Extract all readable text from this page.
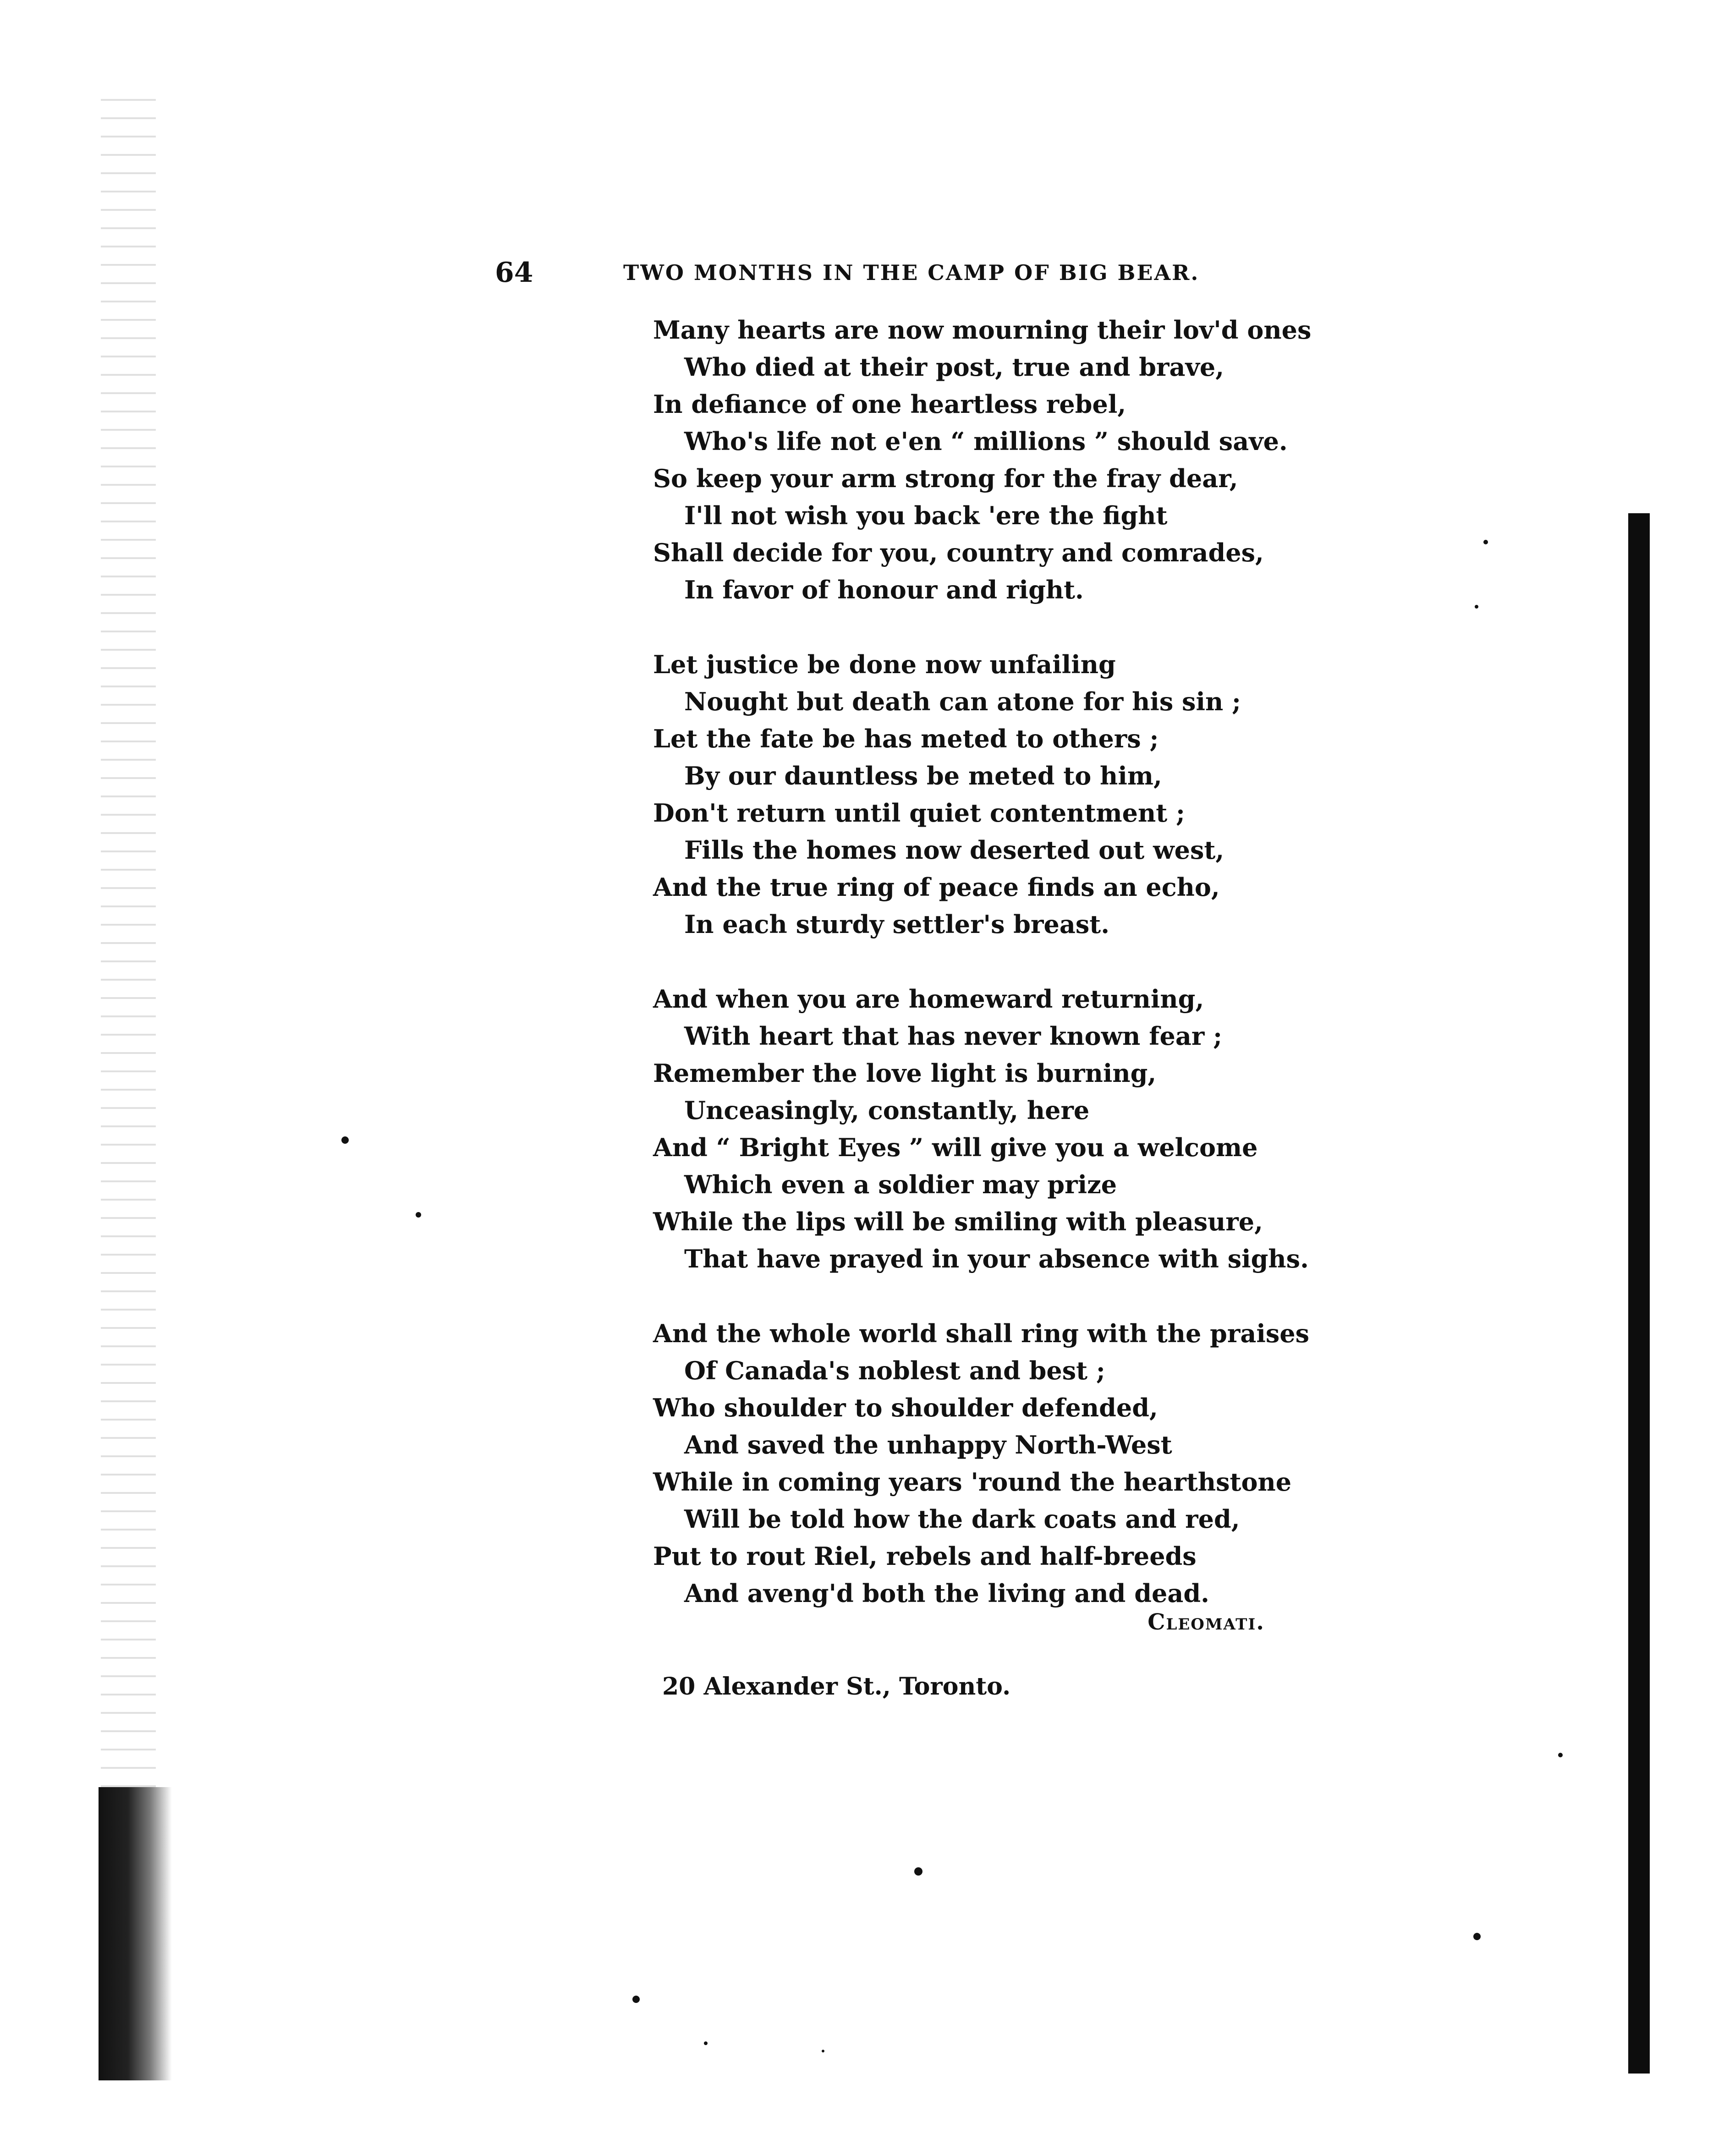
64	TWO MONTHS IN THE CAMP OF BIG BEAR.
Many hearts are now mourning their lov'd ones
Who died at their post, true and brave,
In defiance of one heartless rebel,
Who's life not e'en “ millions ” should save.
So keep your arm strong for the fray dear,
I'll not wish you back 'ere the fight
Shall decide for you, country and comrades,
In favor of honour and right.
Let justice be done now unfailing
Nought but death can atone for his sin ;
Let the fate be has meted to others ;
By our dauntless be meted to him,
Don't return until quiet contentment ;
Fills the homes now deserted out west,
And the true ring of peace finds an echo,
In each sturdy settler's breast.
And when you are homeward returning,
With heart that has never known fear ;
Remember the love light is burning,
Unceasingly, constantly, here
And “ Bright Eyes ” will give you a welcome
Which even a soldier may prize
While the lips will be smiling with pleasure,
That have prayed in your absence with sighs.
And the whole world shall ring with the praises
Of Canada's noblest and best ;
Who shoulder to shoulder defended,
And saved the unhappy North-West
While in coming years 'round the hearthstone
Will be told how the dark coats and red,
Put to rout Riel, rebels and half-breeds
And aveng'd both the living and dead.
Cleomati.
20 Alexander St., Toronto.
